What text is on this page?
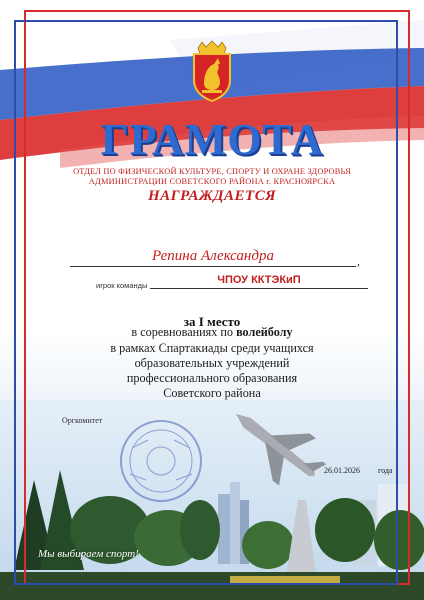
ГРАМОТА
ОТДЕЛ ПО ФИЗИЧЕСКОЙ КУЛЬТУРЕ, СПОРТУ И ОХРАНЕ ЗДОРОВЬЯ
АДМИНИСТРАЦИИ СОВЕТСКОГО РАЙОНА г. КРАСНОЯРСКА
НАГРАЖДАЕТСЯ
Репина Александра	,
игрок команды	ЧПОУ ККТЭКиП
за I место
в соревнованиях по волейболу
в рамках Спартакиады среди учащихся
образовательных учреждений
профессионального образования
Советского района
Оргкомитет
26.01.2026 года
Мы выбираем спорт!
